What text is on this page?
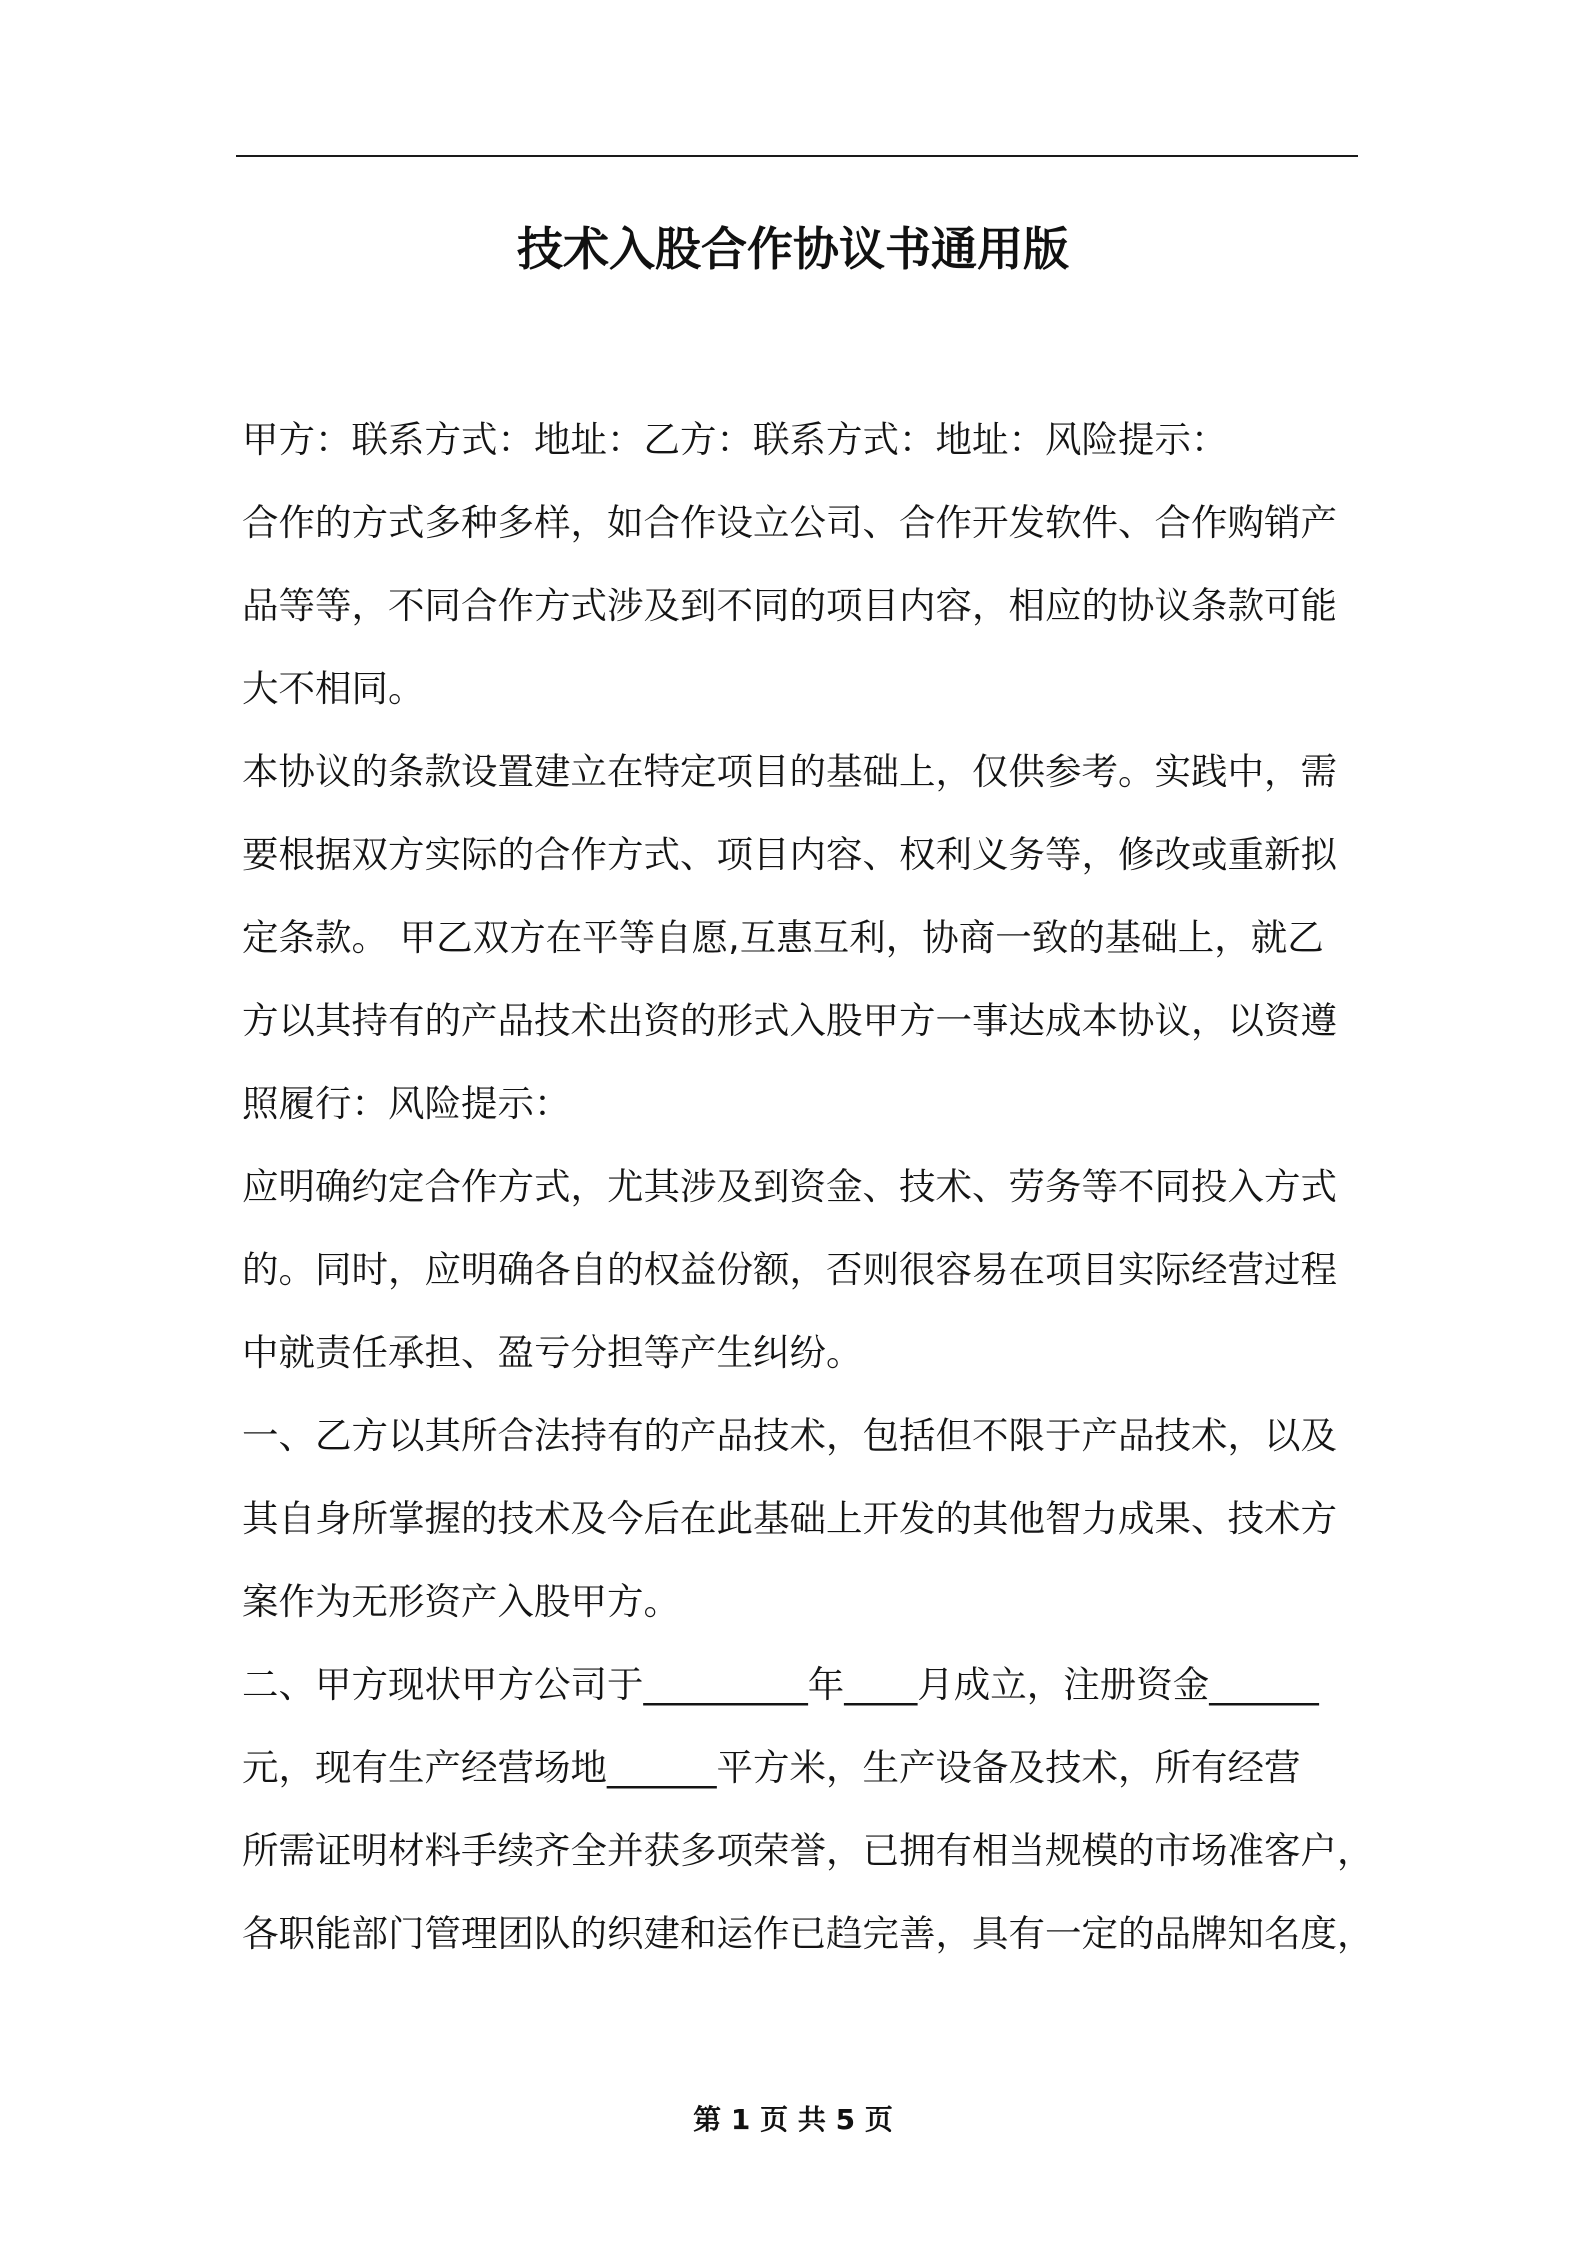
技术入股合作协议书通用版
甲方：联系方式：地址：乙方：联系方式：地址：风险提示：
合作的方式多种多样，如合作设立公司、合作开发软件、合作购销产
品等等，不同合作方式涉及到不同的项目内容，相应的协议条款可能
大不相同。
本协议的条款设置建立在特定项目的基础上，仅供参考。实践中，需
要根据双方实际的合作方式、项目内容、权利义务等，修改或重新拟
定条款。 甲乙双方在平等自愿,互惠互利，协商一致的基础上，就乙
方以其持有的产品技术出资的形式入股甲方一事达成本协议，以资遵
照履行：风险提示：
应明确约定合作方式，尤其涉及到资金、技术、劳务等不同投入方式
的。同时，应明确各自的权益份额，否则很容易在项目实际经营过程
中就责任承担、盈亏分担等产生纠纷。
一、乙方以其所合法持有的产品技术，包括但不限于产品技术，以及
其自身所掌握的技术及今后在此基础上开发的其他智力成果、技术方
案作为无形资产入股甲方。
二、甲方现状甲方公司于_________年____月成立，注册资金______
元，现有生产经营场地______平方米，生产设备及技术，所有经营
所需证明材料手续齐全并获多项荣誉，已拥有相当规模的市场准客户，
各职能部门管理团队的织建和运作已趋完善，具有一定的品牌知名度，
第 1 页 共 5 页
